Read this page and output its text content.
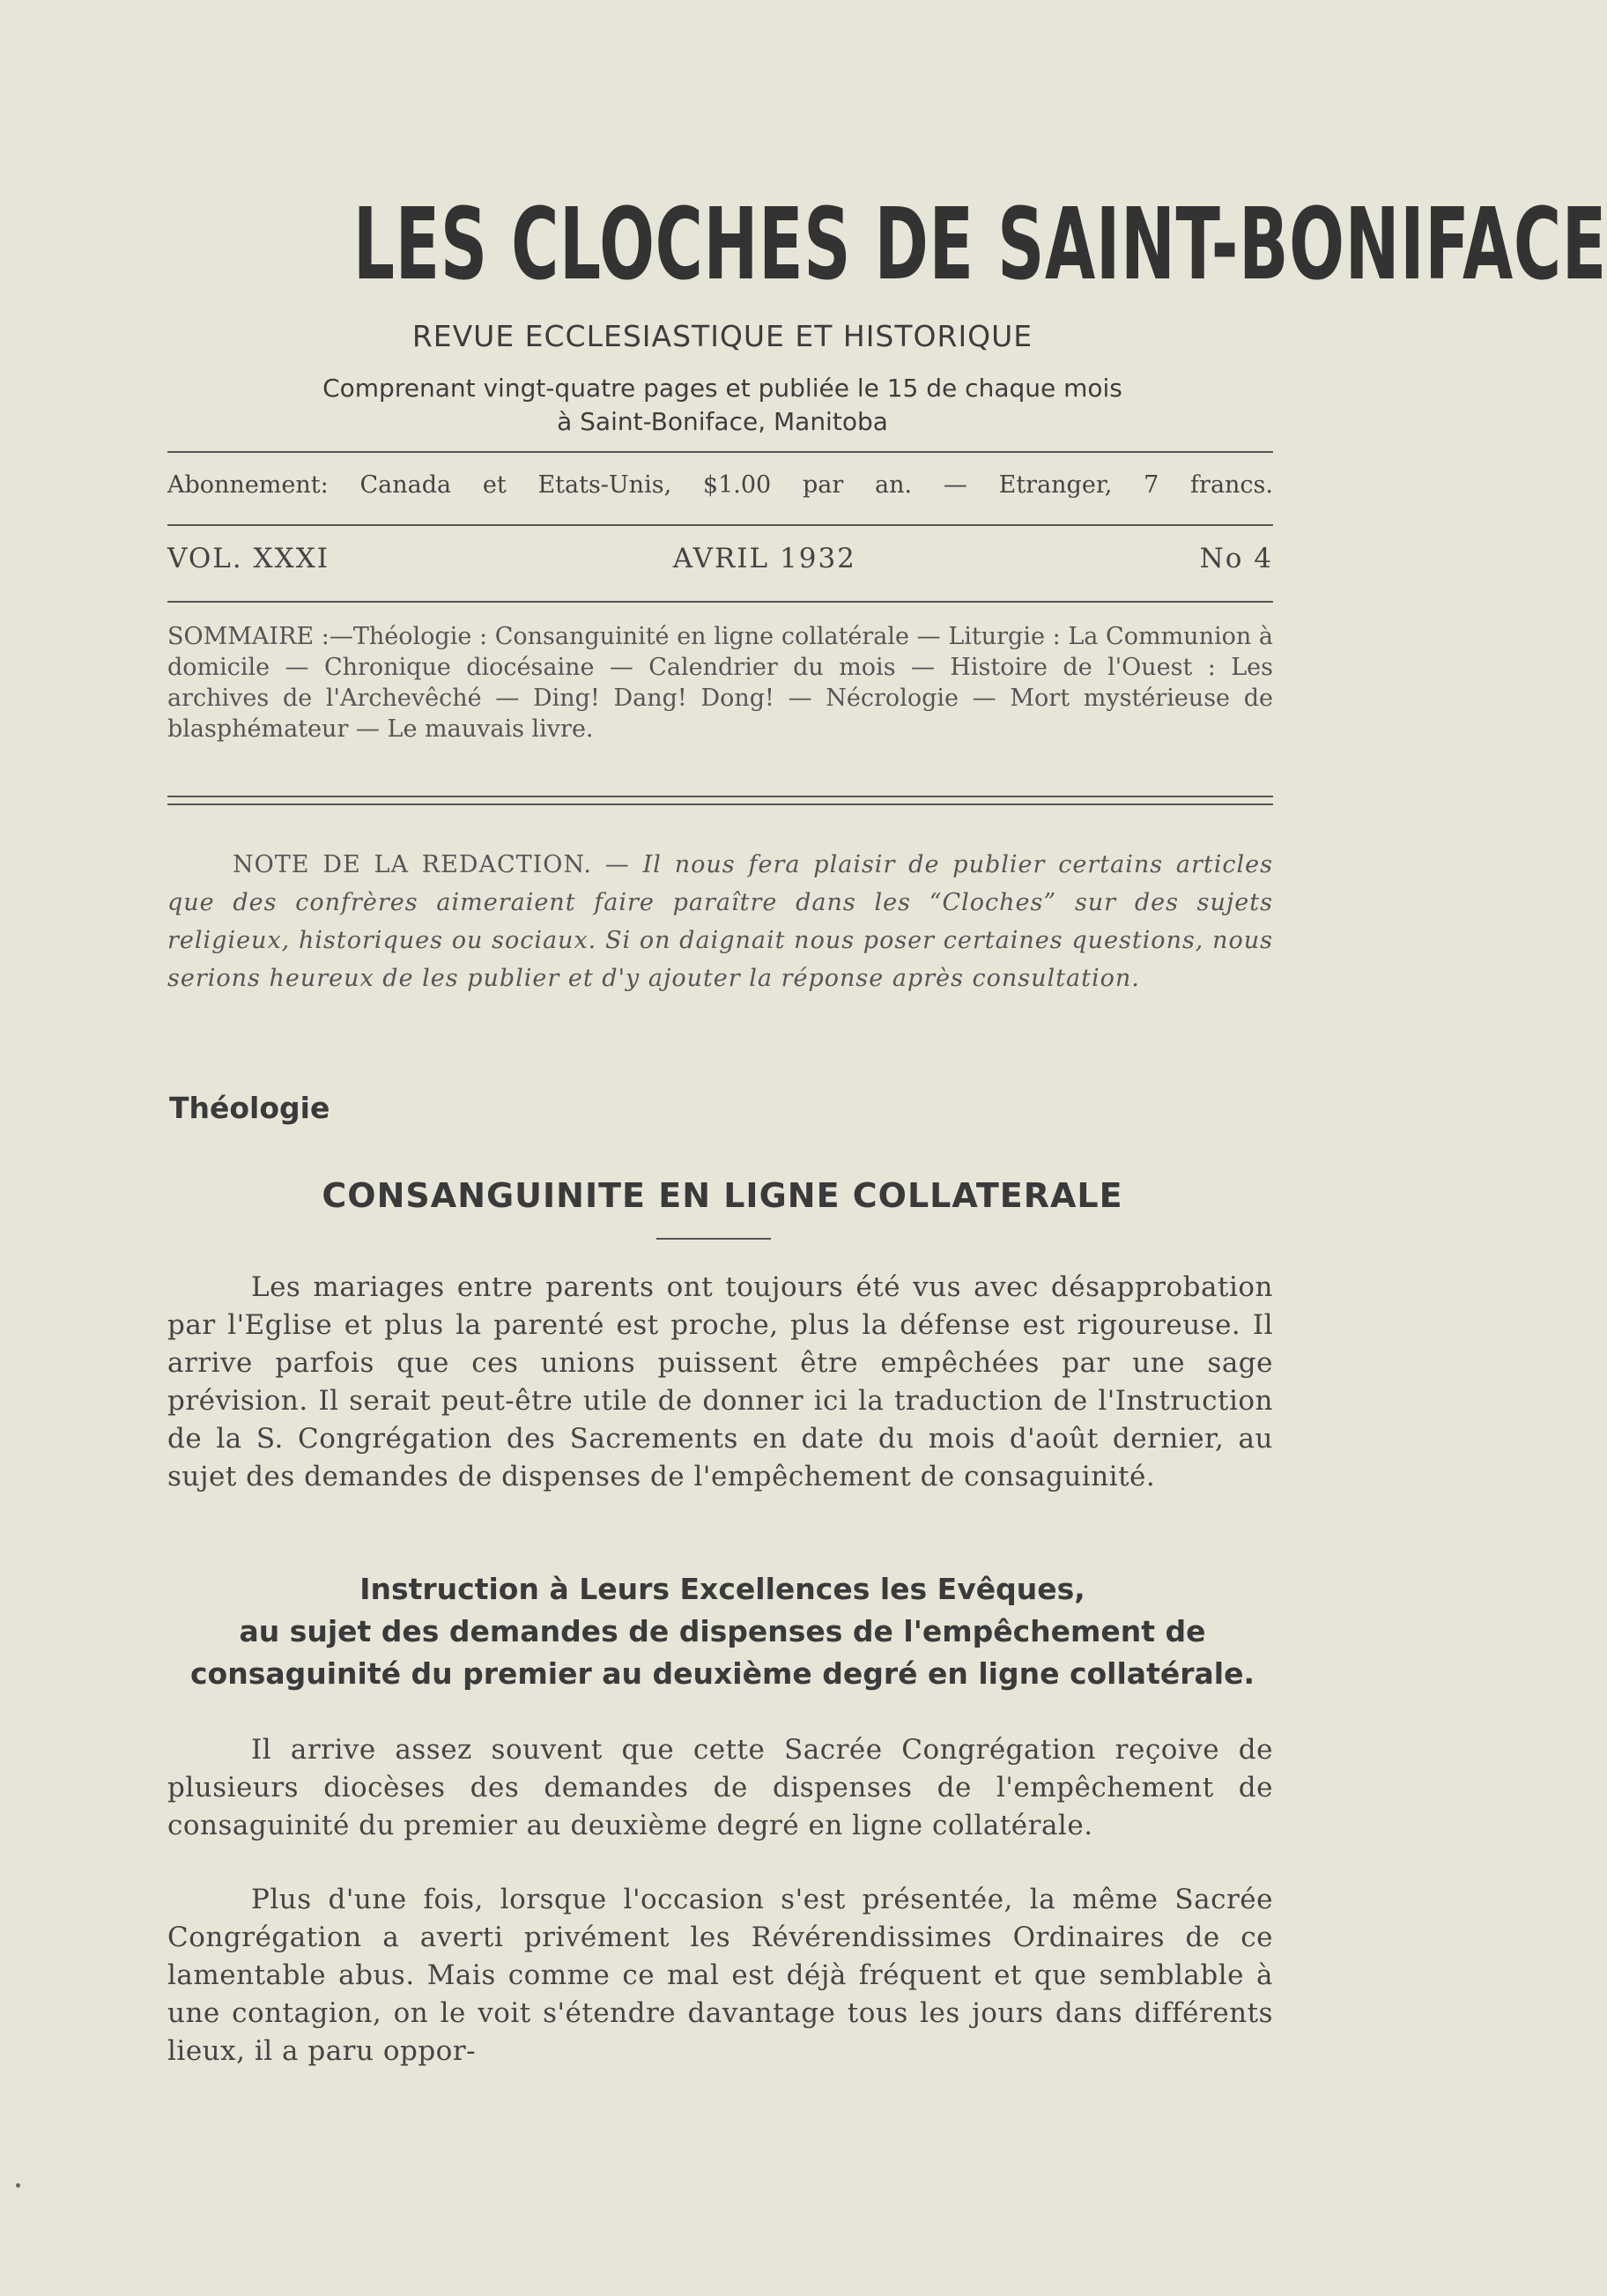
LES CLOCHES DE SAINT-BONIFACE
REVUE ECCLESIASTIQUE ET HISTORIQUE
Comprenant vingt-quatre pages et publiée le 15 de chaque mois
à Saint-Boniface, Manitoba
Abonnement: Canada et Etats-Unis, $1.00 par an. — Etranger, 7 francs.
VOL. XXXI	AVRIL 1932	No 4
SOMMAIRE :—Théologie : Consanguinité en ligne collatérale — Liturgie : La Communion à domicile — Chronique diocésaine — Calendrier du mois — Histoire de l'Ouest : Les archives de l'Archevêché — Ding! Dang! Dong! — Nécrologie — Mort mystérieuse de blasphémateur — Le mauvais livre.
NOTE DE LA REDACTION. — Il nous fera plaisir de publier certains articles que des confrères aimeraient faire paraître dans les “Cloches” sur des sujets religieux, historiques ou sociaux. Si on daignait nous poser certaines questions, nous serions heureux de les publier et d'y ajouter la réponse après consultation.
Théologie
CONSANGUINITE EN LIGNE COLLATERALE
Les mariages entre parents ont toujours été vus avec désapprobation par l'Eglise et plus la parenté est proche, plus la défense est rigoureuse. Il arrive parfois que ces unions puissent être empêchées par une sage prévision. Il serait peut-être utile de donner ici la traduction de l'Instruction de la S. Congrégation des Sacrements en date du mois d'août dernier, au sujet des demandes de dispenses de l'empêchement de consaguinité.
Instruction à Leurs Excellences les Evêques,
au sujet des demandes de dispenses de l'empêchement de
consaguinité du premier au deuxième degré en ligne collatérale.
Il arrive assez souvent que cette Sacrée Congrégation reçoive de plusieurs diocèses des demandes de dispenses de l'empêchement de consaguinité du premier au deuxième degré en ligne collatérale.
Plus d'une fois, lorsque l'occasion s'est présentée, la même Sacrée Congrégation a averti privément les Révérendissimes Ordinaires de ce lamentable abus. Mais comme ce mal est déjà fréquent et que semblable à une contagion, on le voit s'étendre davantage tous les jours dans différents lieux, il a paru oppor-
